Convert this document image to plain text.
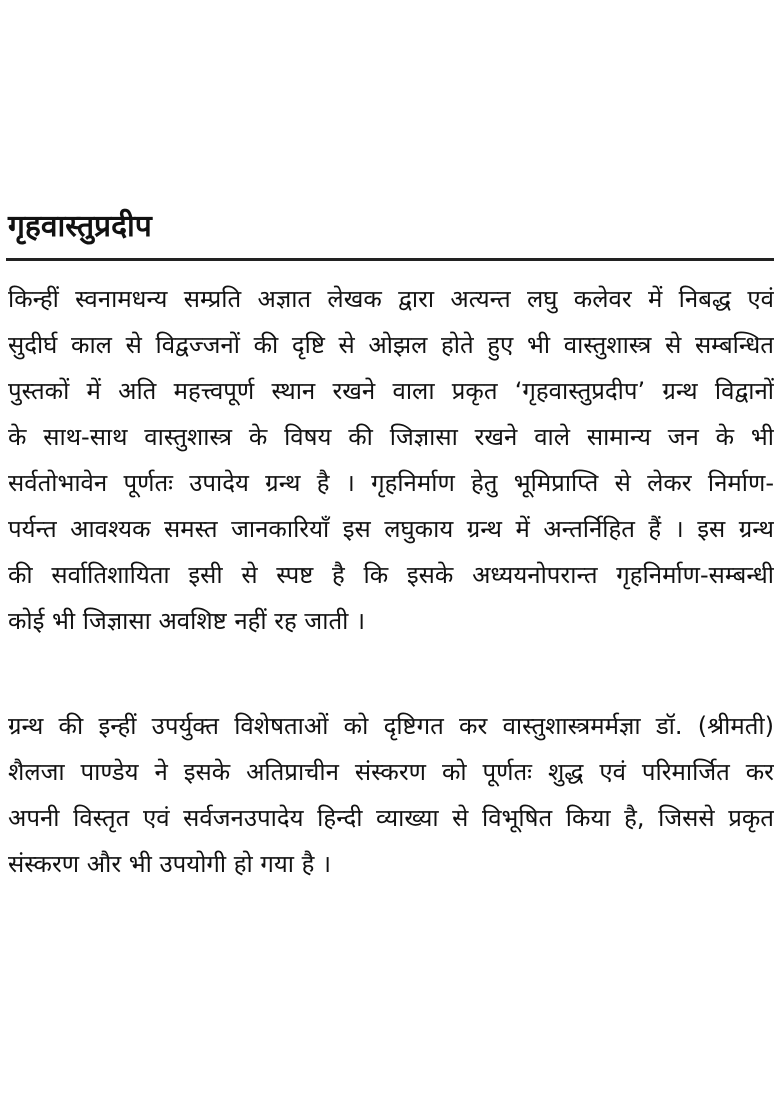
गृहवास्तुप्रदीप
किन्हीं स्वनामधन्य सम्प्रति अज्ञात लेखक द्वारा अत्यन्त लघु कलेवर में निबद्ध एवं
सुदीर्घ काल से विद्वज्जनों की दृष्टि से ओझल होते हुए भी वास्तुशास्त्र से सम्बन्धित
पुस्तकों में अति महत्त्वपूर्ण स्थान रखने वाला प्रकृत ‘गृहवास्तुप्रदीप’ ग्रन्थ विद्वानों
के साथ-साथ वास्तुशास्त्र के विषय की जिज्ञासा रखने वाले सामान्य जन के भी
सर्वतोभावेन पूर्णतः उपादेय ग्रन्थ है । गृहनिर्माण हेतु भूमिप्राप्ति से लेकर निर्माण-
पर्यन्त आवश्यक समस्त जानकारियाँ इस लघुकाय ग्रन्थ में अन्तर्निहित हैं । इस ग्रन्थ
की सर्वातिशायिता इसी से स्पष्ट है कि इसके अध्ययनोपरान्त गृहनिर्माण-सम्बन्धी
कोई भी जिज्ञासा अवशिष्ट नहीं रह जाती ।
ग्रन्थ की इन्हीं उपर्युक्त विशेषताओं को दृष्टिगत कर वास्तुशास्त्रमर्मज्ञा डॉ. (श्रीमती)
शैलजा पाण्डेय ने इसके अतिप्राचीन संस्करण को पूर्णतः शुद्ध एवं परिमार्जित कर
अपनी विस्तृत एवं सर्वजनउपादेय हिन्दी व्याख्या से विभूषित किया है, जिससे प्रकृत
संस्करण और भी उपयोगी हो गया है ।
